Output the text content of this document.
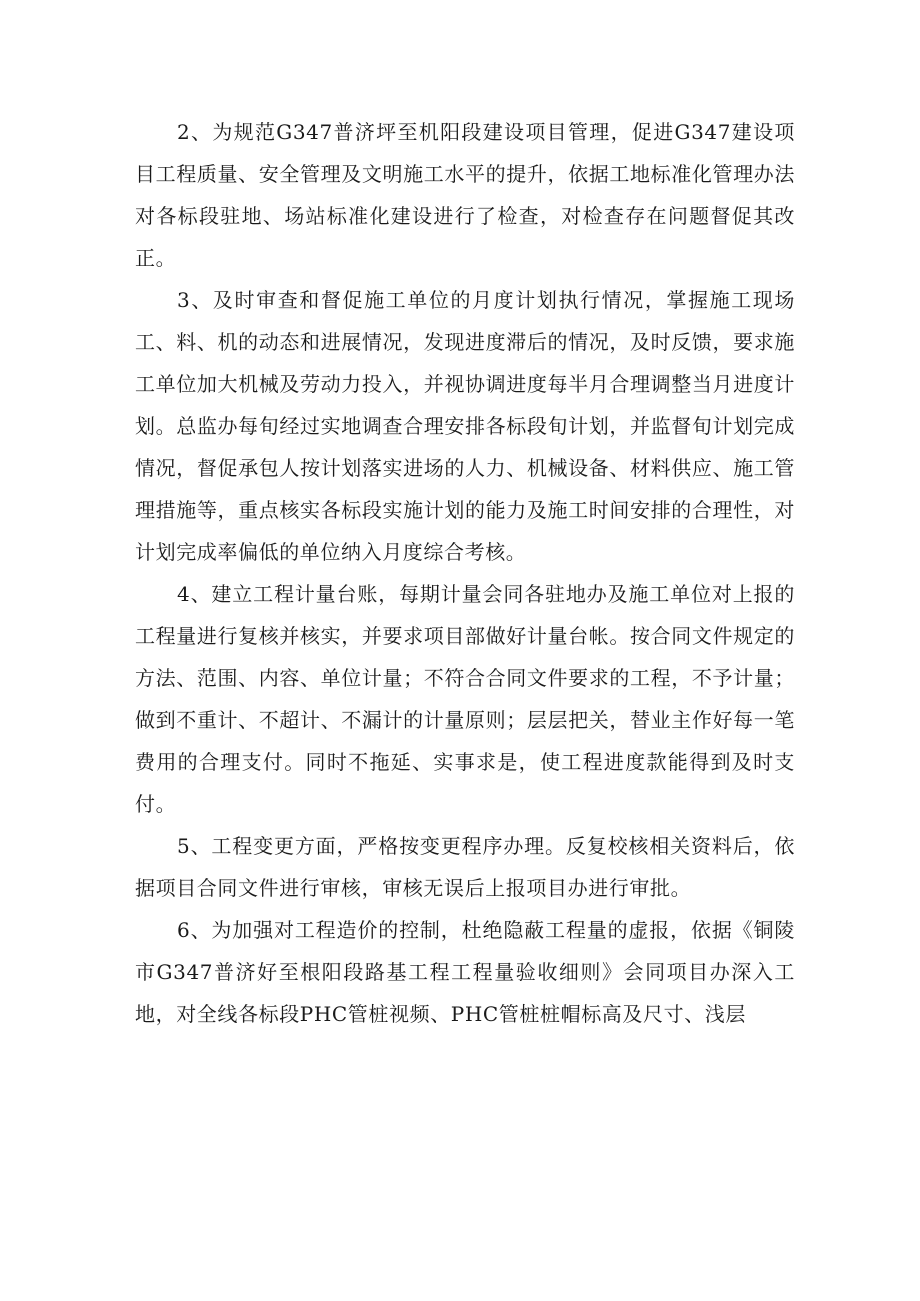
2、为规范G347普济坪至机阳段建设项目管理，促进G347建设项目工程质量、安全管理及文明施工水平的提升，依据工地标准化管理办法对各标段驻地、场站标准化建设进行了检查，对检查存在问题督促其改正。

3、及时审查和督促施工单位的月度计划执行情况，掌握施工现场工、料、机的动态和进展情况，发现进度滞后的情况，及时反馈，要求施工单位加大机械及劳动力投入，并视协调进度每半月合理调整当月进度计划。总监办每旬经过实地调查合理安排各标段旬计划，并监督旬计划完成情况，督促承包人按计划落实进场的人力、机械设备、材料供应、施工管理措施等，重点核实各标段实施计划的能力及施工时间安排的合理性，对计划完成率偏低的单位纳入月度综合考核。

4、建立工程计量台账，每期计量会同各驻地办及施工单位对上报的工程量进行复核并核实，并要求项目部做好计量台帐。按合同文件规定的方法、范围、内容、单位计量；不符合合同文件要求的工程，不予计量；做到不重计、不超计、不漏计的计量原则；层层把关，替业主作好每一笔费用的合理支付。同时不拖延、实事求是，使工程进度款能得到及时支付。

5、工程变更方面，严格按变更程序办理。反复校核相关资料后，依据项目合同文件进行审核，审核无误后上报项目办进行审批。

6、为加强对工程造价的控制，杜绝隐蔽工程量的虚报，依据《铜陵市G347普济好至根阳段路基工程工程量验收细则》会同项目办深入工地，对全线各标段PHC管桩视频、PHC管桩桩帽标高及尺寸、浅层
